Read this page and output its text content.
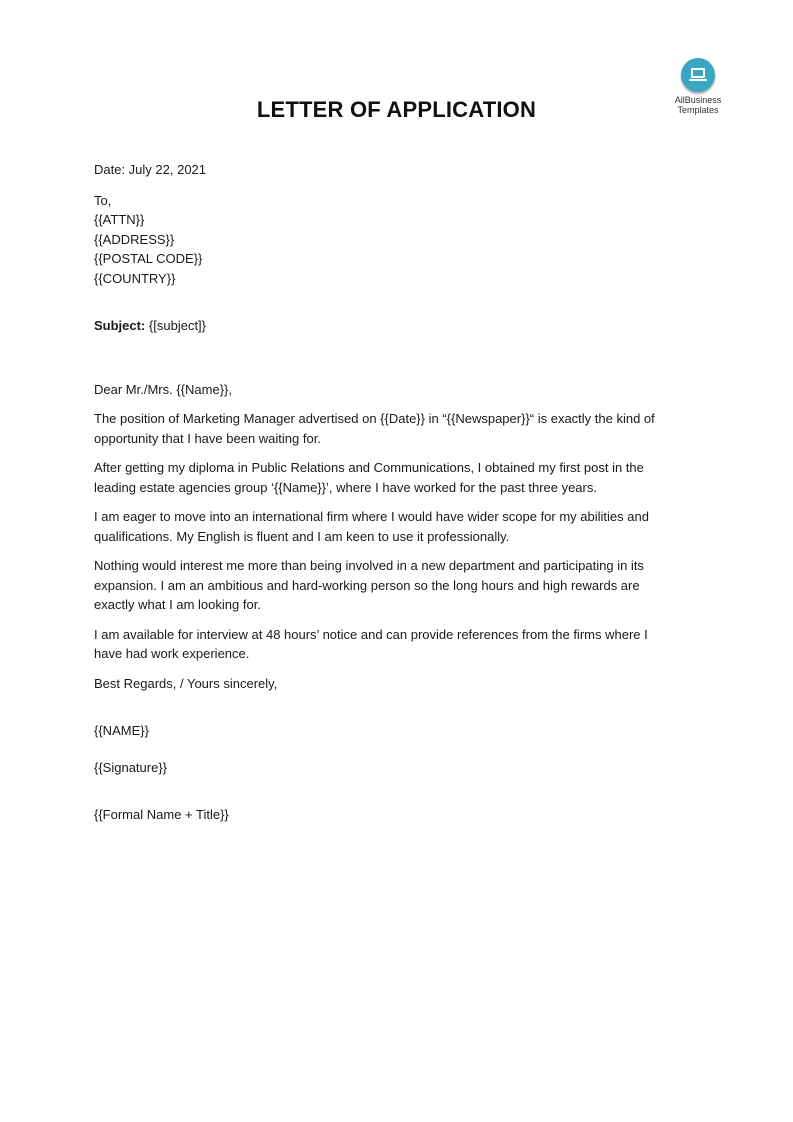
AllBusiness
Templates
LETTER OF APPLICATION
Date: July 22, 2021
To,
{{ATTN}}
{{ADDRESS}}
{{POSTAL CODE}}
{{COUNTRY}}
Subject: {[subject]}
Dear Mr./Mrs. {{Name}},
The position of Marketing Manager advertised on {{Date}} in “{{Newspaper}}“ is exactly the kind of
opportunity that I have been waiting for.
After getting my diploma in Public Relations and Communications, I obtained my first post in the
leading estate agencies group ‘{{Name}}’, where I have worked for the past three years.
I am eager to move into an international firm where I would have wider scope for my abilities and
qualifications. My English is fluent and I am keen to use it professionally.
Nothing would interest me more than being involved in a new department and participating in its
expansion. I am an ambitious and hard-working person so the long hours and high rewards are
exactly what I am looking for.
I am available for interview at 48 hours’ notice and can provide references from the firms where I
have had work experience.
Best Regards, / Yours sincerely,
{{NAME}}
{{Signature}}
{{Formal Name + Title}}
